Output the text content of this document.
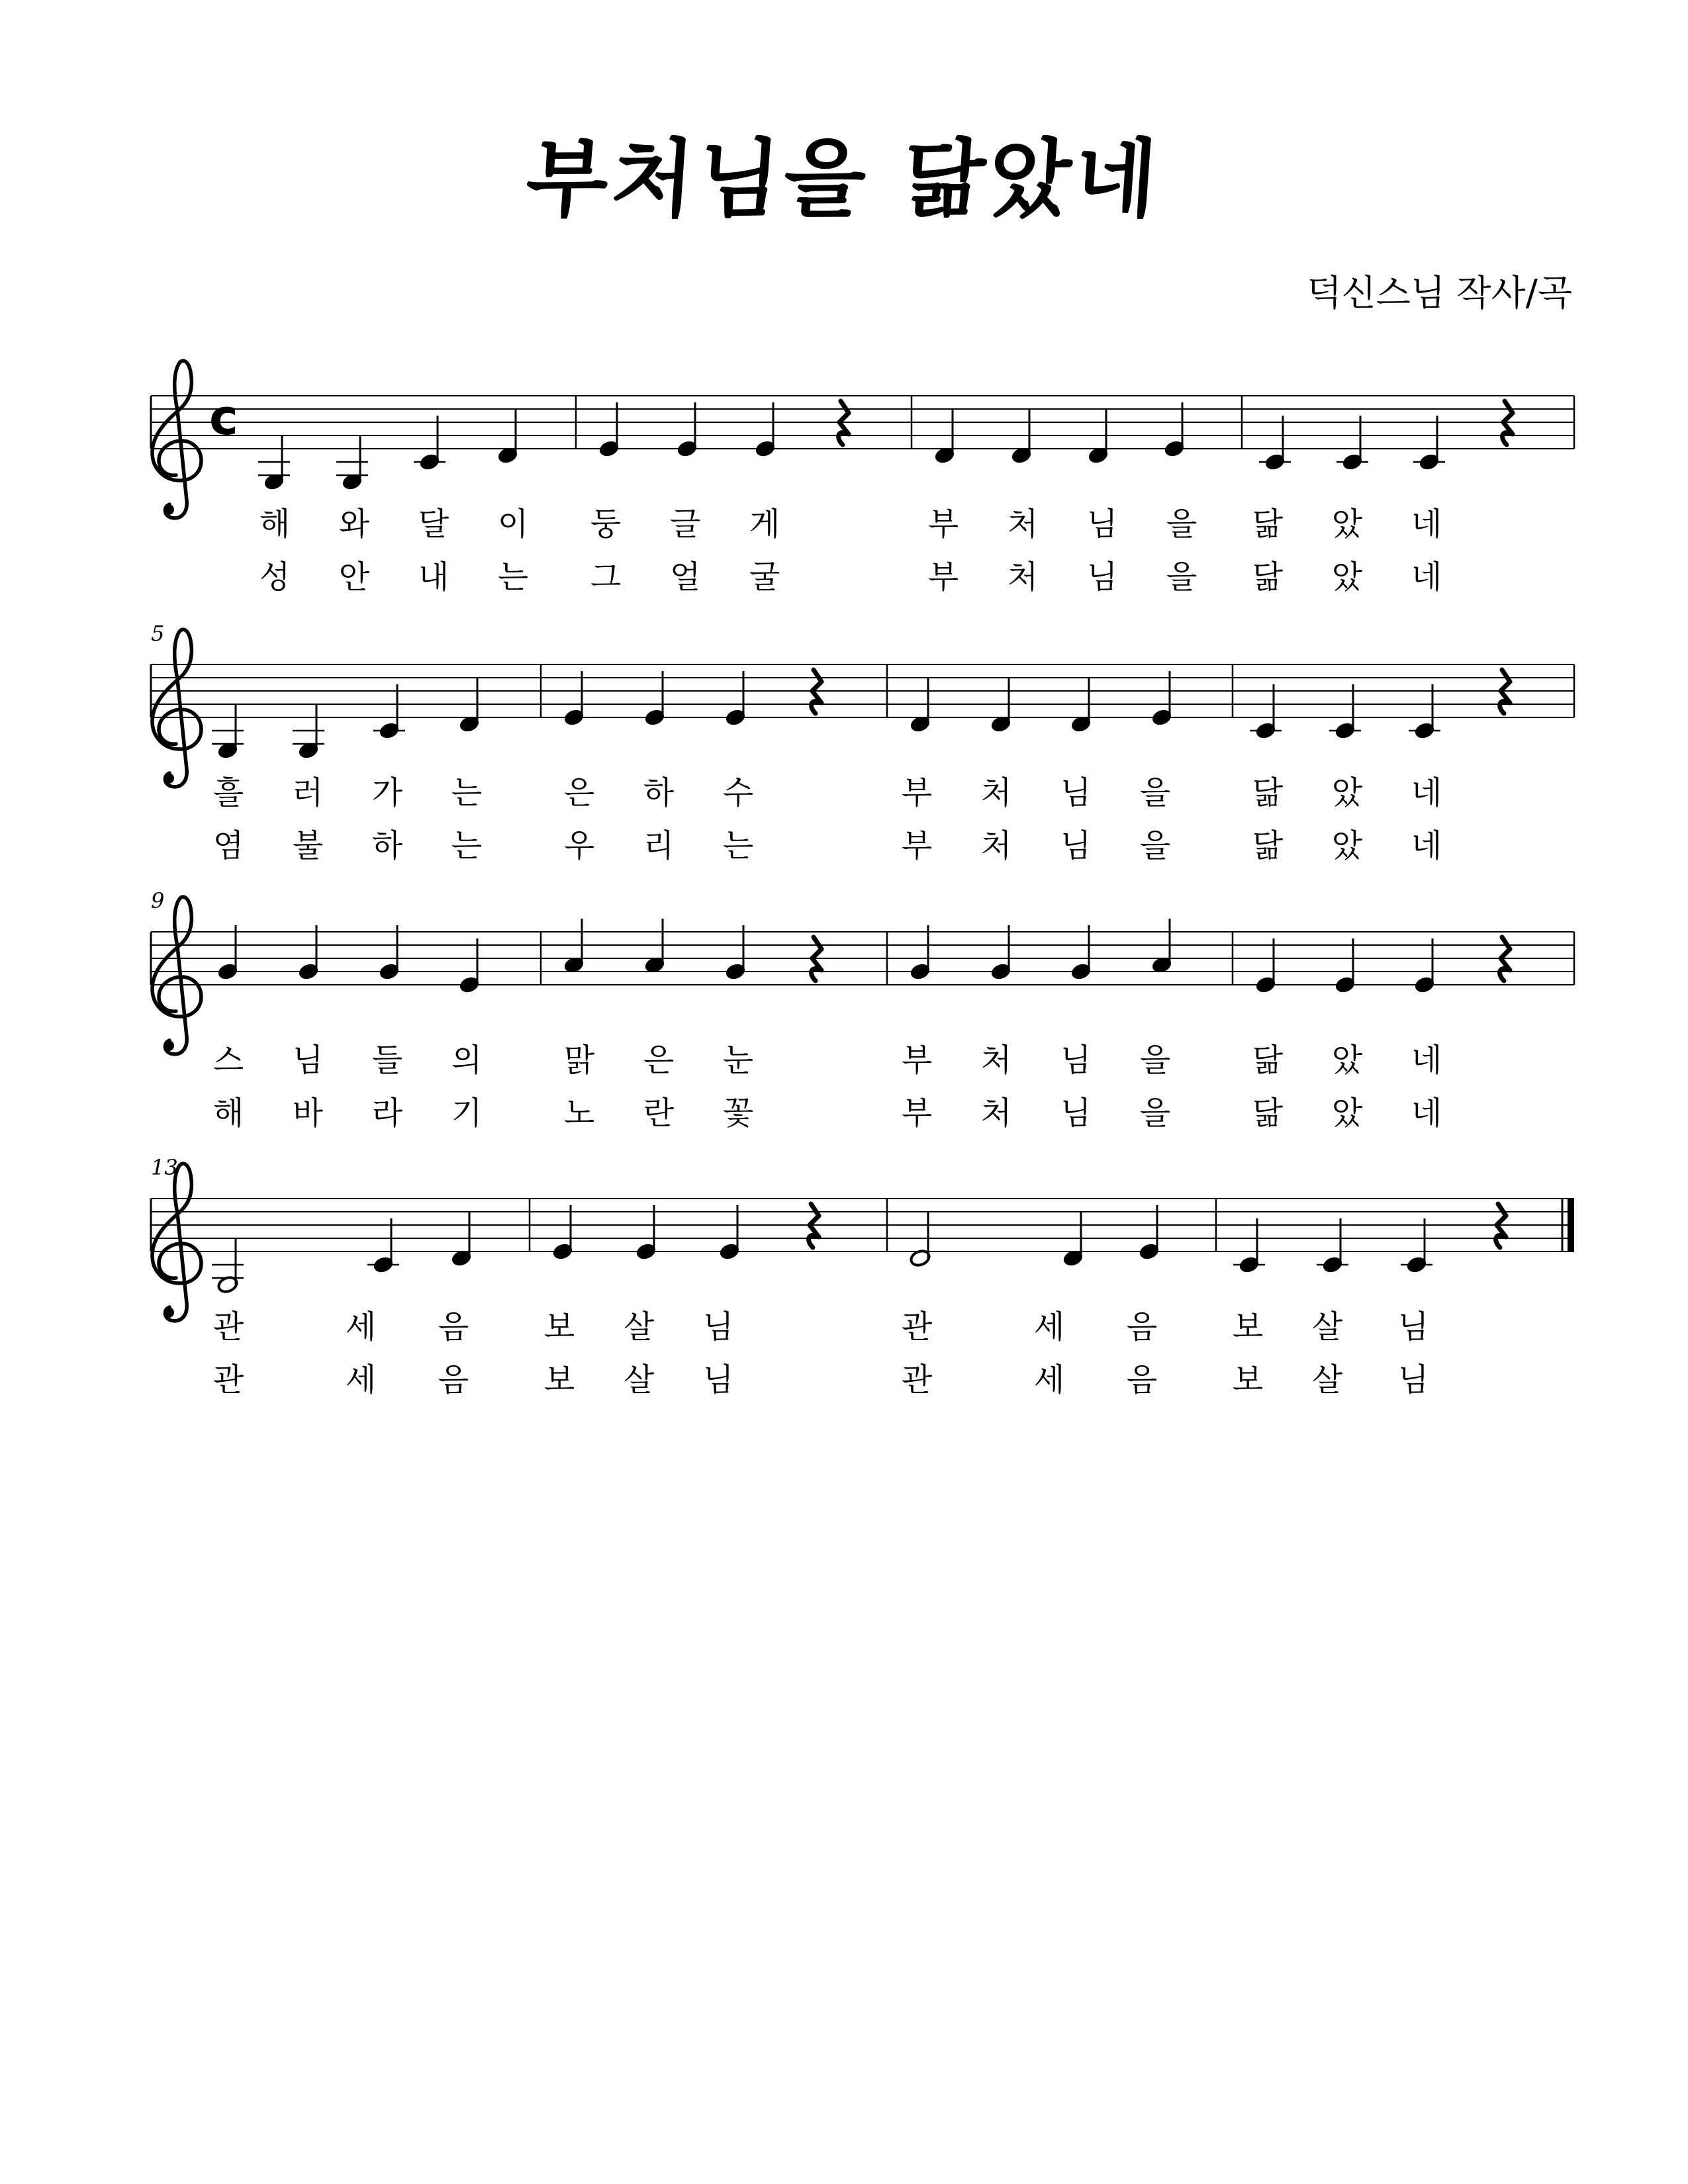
부처님을 닮았네
덕신스님 작사/곡
c
해 와 달 이 둥 글 게	부 처 님 을 닮 았 네
성 안 내 는 그 얼 굴	부 처 님 을 닮 았 네
5
흘 러 가 는	은 하 수	부 처 님 을	닮 았 네
염 불 하 는	우 리 는	부 처 님 을	닮 았 네
9
스 님 들 의	맑 은 눈	부 처 님 을	닮 았 네
해 바 라 기	노 란 꽃	부 처 님 을	닮 았 네
13
관	세 음 보 살 님	관	세 음 보 살 님
관	세 음 보 살 님	관	세 음 보 살 님
